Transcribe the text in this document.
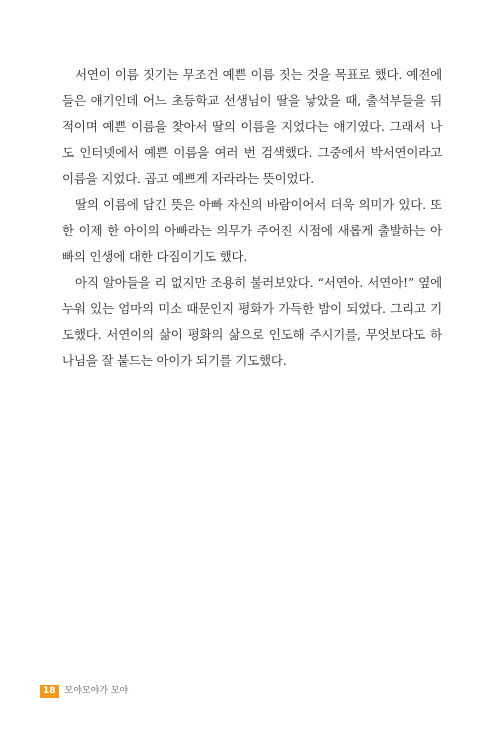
서연이 이름 짓기는 무조건 예쁜 이름 짓는 것을 목표로 했다. 예전에 들은 얘기인데 어느 초등학교 선생님이 딸을 낳았을 때, 출석부들을 뒤적이며 예쁜 이름을 찾아서 딸의 이름을 지었다는 얘기였다. 그래서 나도 인터넷에서 예쁜 이름을 여러 번 검색했다. 그중에서 박서연이라고 이름을 지었다. 곱고 예쁘게 자라라는 뜻이었다.

딸의 이름에 담긴 뜻은 아빠 자신의 바람이어서 더욱 의미가 있다. 또한 이제 한 아이의 아빠라는 의무가 주어진 시점에 새롭게 출발하는 아빠의 인생에 대한 다짐이기도 했다.

아직 알아들을 리 없지만 조용히 불러보았다. “서연아. 서연아!” 옆에 누워 있는 엄마의 미소 때문인지 평화가 가득한 밤이 되었다. 그리고 기도했다. 서연이의 삶이 평화의 삶으로 인도해 주시기를, 무엇보다도 하나님을 잘 붙드는 아이가 되기를 기도했다.

18	모야모야가 모야
